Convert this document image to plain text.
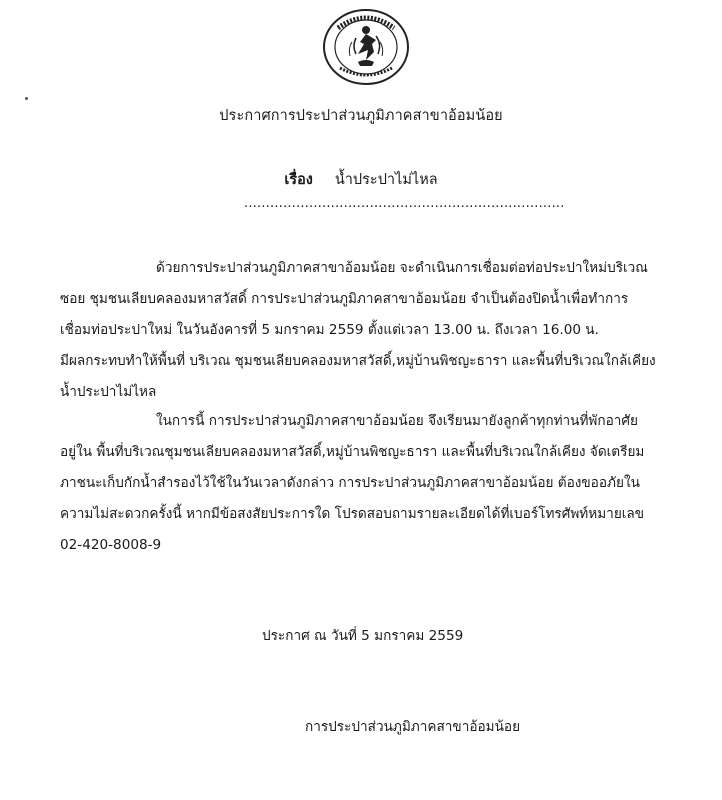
ประกาศการประปาส่วนภูมิภาคสาขาอ้อมน้อย
เรื่อง น้ำประปาไม่ไหล
..........................................................................
ด้วยการประปาส่วนภูมิภาคสาขาอ้อมน้อย จะดำเนินการเชื่อมต่อท่อประปาใหม่บริเวณ
ซอย ชุมชนเลียบคลองมหาสวัสดิ์ การประปาส่วนภูมิภาคสาขาอ้อมน้อย จำเป็นต้องปิดน้ำเพื่อทำการ
เชื่อมท่อประปาใหม่ ในวันอังคารที่ 5 มกราคม 2559 ตั้งแต่เวลา 13.00 น. ถึงเวลา 16.00 น.
มีผลกระทบทำให้พื้นที่ บริเวณ ชุมชนเลียบคลองมหาสวัสดิ์,หมู่บ้านพิชญะธารา และพื้นที่บริเวณใกล้เคียง
น้ำประปาไม่ไหล
ในการนี้ การประปาส่วนภูมิภาคสาขาอ้อมน้อย จึงเรียนมายังลูกค้าทุกท่านที่พักอาศัย
อยู่ใน พื้นที่บริเวณชุมชนเลียบคลองมหาสวัสดิ์,หมู่บ้านพิชญะธารา และพื้นที่บริเวณใกล้เคียง จัดเตรียม
ภาชนะเก็บกักน้ำสำรองไว้ใช้ในวันเวลาดังกล่าว การประปาส่วนภูมิภาคสาขาอ้อมน้อย ต้องขออภัยใน
ความไม่สะดวกครั้งนี้ หากมีข้อสงสัยประการใด โปรดสอบถามรายละเอียดได้ที่เบอร์โทรศัพท์หมายเลข
02-420-8008-9
ประกาศ ณ วันที่ 5 มกราคม 2559
การประปาส่วนภูมิภาคสาขาอ้อมน้อย
